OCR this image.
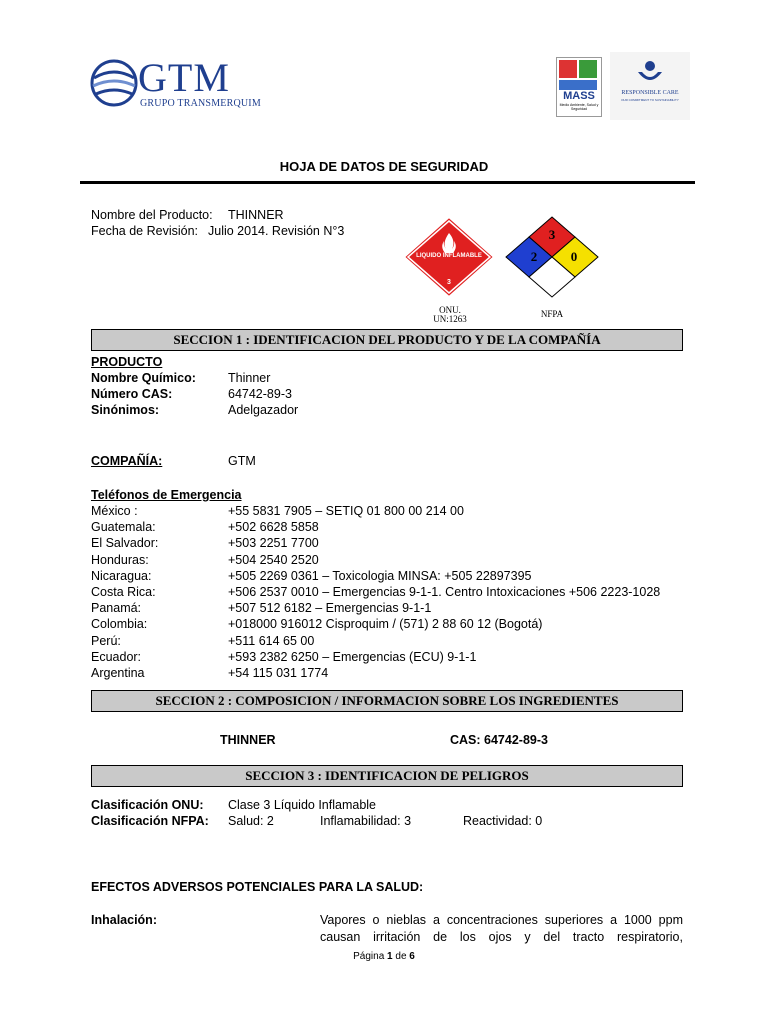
GTM
GRUPO TRANSMERQUIM
MASS
Medio Ambiente, Salud y Seguridad
RESPONSIBLE CARE
OUR COMMITMENT TO SUSTAINABILITY
HOJA DE DATOS DE SEGURIDAD
Nombre del Producto: THINNER
Fecha de Revisión: Julio 2014. Revisión N°3
LIQUIDO INFLAMABLE
3
ONU.
UN:1263
3
2	0
NFPA
SECCION 1 : IDENTIFICACION DEL PRODUCTO Y DE LA COMPAÑÍA
PRODUCTO
Nombre Químico:	Thinner
Número CAS:	64742-89-3
Sinónimos:	Adelgazador
COMPAÑÍA:	GTM
Teléfonos de Emergencia
México :	+55 5831 7905 – SETIQ 01 800 00 214 00
Guatemala:	+502 6628 5858
El Salvador:	+503 2251 7700
Honduras:	+504 2540 2520
Nicaragua:	+505 2269 0361 – Toxicologia MINSA: +505 22897395
Costa Rica:	+506 2537 0010 – Emergencias 9-1-1. Centro Intoxicaciones +506 2223-1028
Panamá:	+507 512 6182 – Emergencias 9-1-1
Colombia:	+018000 916012 Cisproquim / (571) 2 88 60 12 (Bogotá)
Perú:	+511 614 65 00
Ecuador:	+593 2382 6250 – Emergencias (ECU) 9-1-1
Argentina	+54 115 031 1774
SECCION 2 : COMPOSICION / INFORMACION SOBRE LOS INGREDIENTES
THINNER	CAS: 64742-89-3
SECCION 3 : IDENTIFICACION DE PELIGROS
Clasificación ONU: Clase 3 Líquido Inflamable
Clasificación NFPA: Salud: 2	Inflamabilidad: 3	Reactividad: 0
EFECTOS ADVERSOS POTENCIALES PARA LA SALUD:
Inhalación:	Vapores o nieblas a concentraciones superiores a 1000 ppm
causan irritación de los ojos y del tracto respiratorio,
Página 1 de 6
